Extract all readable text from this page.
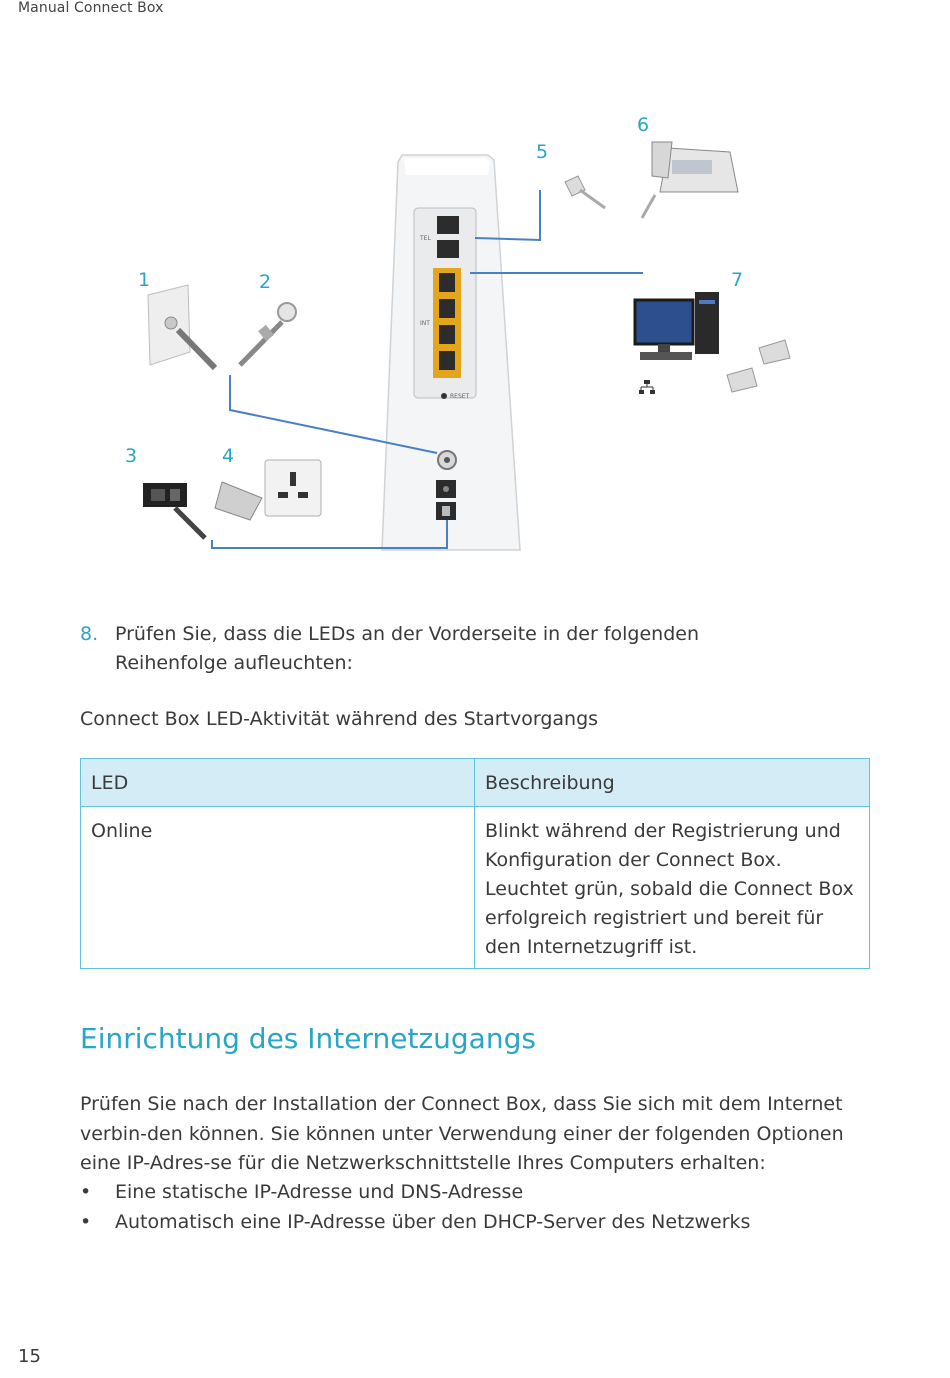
Manual Connect Box
TEL
INT
RESET
1	2
3	4
5
6
7
8. Prüfen Sie, dass die LEDs an der Vorderseite in der folgenden Reihenfolge aufleuchten:
Connect Box LED-Aktivität während des Startvorgangs
LED	Beschreibung
Online	Blinkt während der Registrierung und Konfiguration der Connect Box. Leuchtet grün, sobald die Connect Box erfolgreich registriert und bereit für den Internetzugriff ist.
Einrichtung des Internetzugangs
Prüfen Sie nach der Installation der Connect Box, dass Sie sich mit dem Internet verbin-den können. Sie können unter Verwendung einer der folgenden Optionen eine IP-Adres-se für die Netzwerkschnittstelle Ihres Computers erhalten:
• Eine statische IP-Adresse und DNS-Adresse
• Automatisch eine IP-Adresse über den DHCP-Server des Netzwerks
15
